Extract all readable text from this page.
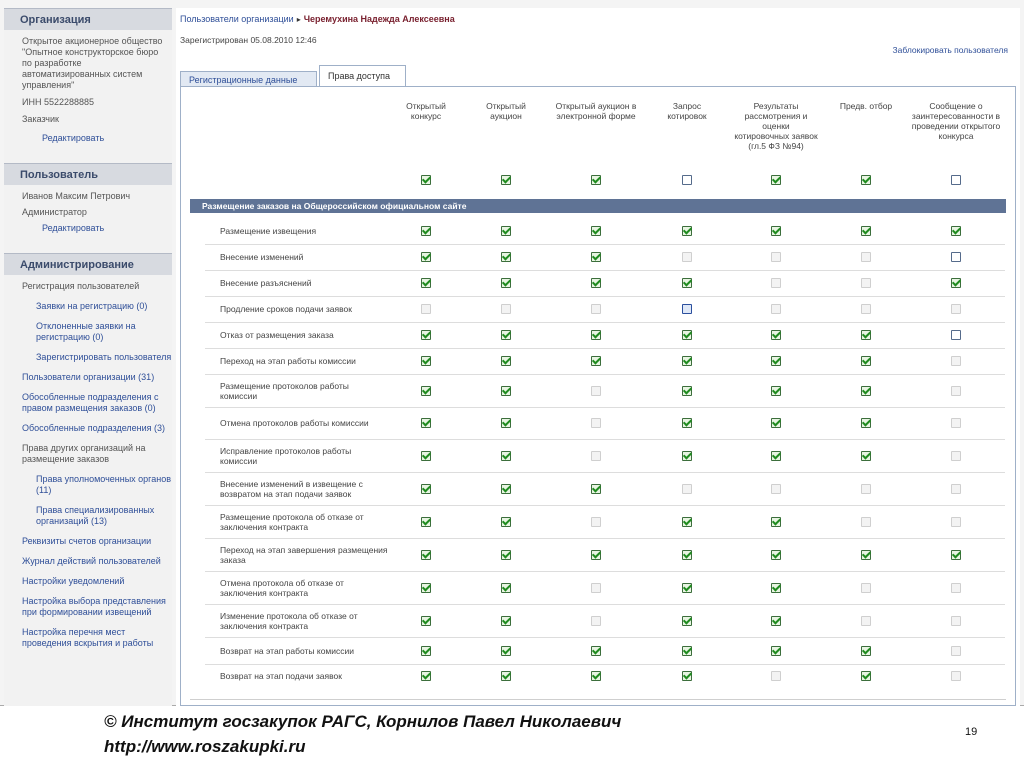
Организация
Открытое акционерное общество
"Опытное конструкторское бюро
по разработке
автоматизированных систем
управления"
ИНН 5522288885
Заказчик
Редактировать
Пользователь
Иванов Максим Петрович
Администратор
Редактировать
Администрирование
Регистрация пользователей
Заявки на регистрацию (0)
Отклоненные заявки на регистрацию (0)
Зарегистрировать пользователя
Пользователи организации (31)
Обособленные подразделения с правом размещения заказов (0)
Обособленные подразделения (3)
Права других организаций на размещение заказов
Права уполномоченных органов (11)
Права специализированных организаций (13)
Реквизиты счетов организации
Журнал действий пользователей
Настройки уведомлений
Настройка выбора представления при формировании извещений
Настройка перечня мест проведения вскрытия и работы
Пользователи организации ▸ Черемухина Надежда Алексеевна
Зарегистрирован 05.08.2010 12:46
Заблокировать пользователя
Регистрационные данные	Права доступа
Размещение заказов на Общероссийском официальном сайте
Открытый конкурс
Открытый аукцион
Открытый аукцион в электронной форме
Запрос котировок
Результаты рассмотрения и оценки котировочных заявок (гл.5 ФЗ №94)
Предв. отбор	Сообщение о заинтересованности в проведении открытого конкурса
Размещение извещения
Внесение изменений
Внесение разъяснений
Продление сроков подачи заявок
Отказ от размещения заказа
Переход на этап работы комиссии
Размещение протоколов работы комиссии
Отмена протоколов работы комиссии
Исправление протоколов работы комиссии
Внесение изменений в извещение с возвратом на этап подачи заявок
Размещение протокола об отказе от заключения контракта
Переход на этап завершения размещения заказа
Отмена протокола об отказе от заключения контракта
Изменение протокола об отказе от заключения контракта
Возврат на этап работы комиссии
Возврат на этап подачи заявок
© Институт госзакупок РАГС, Корнилов Павел Николаевич
http://www.roszakupki.ru
19
